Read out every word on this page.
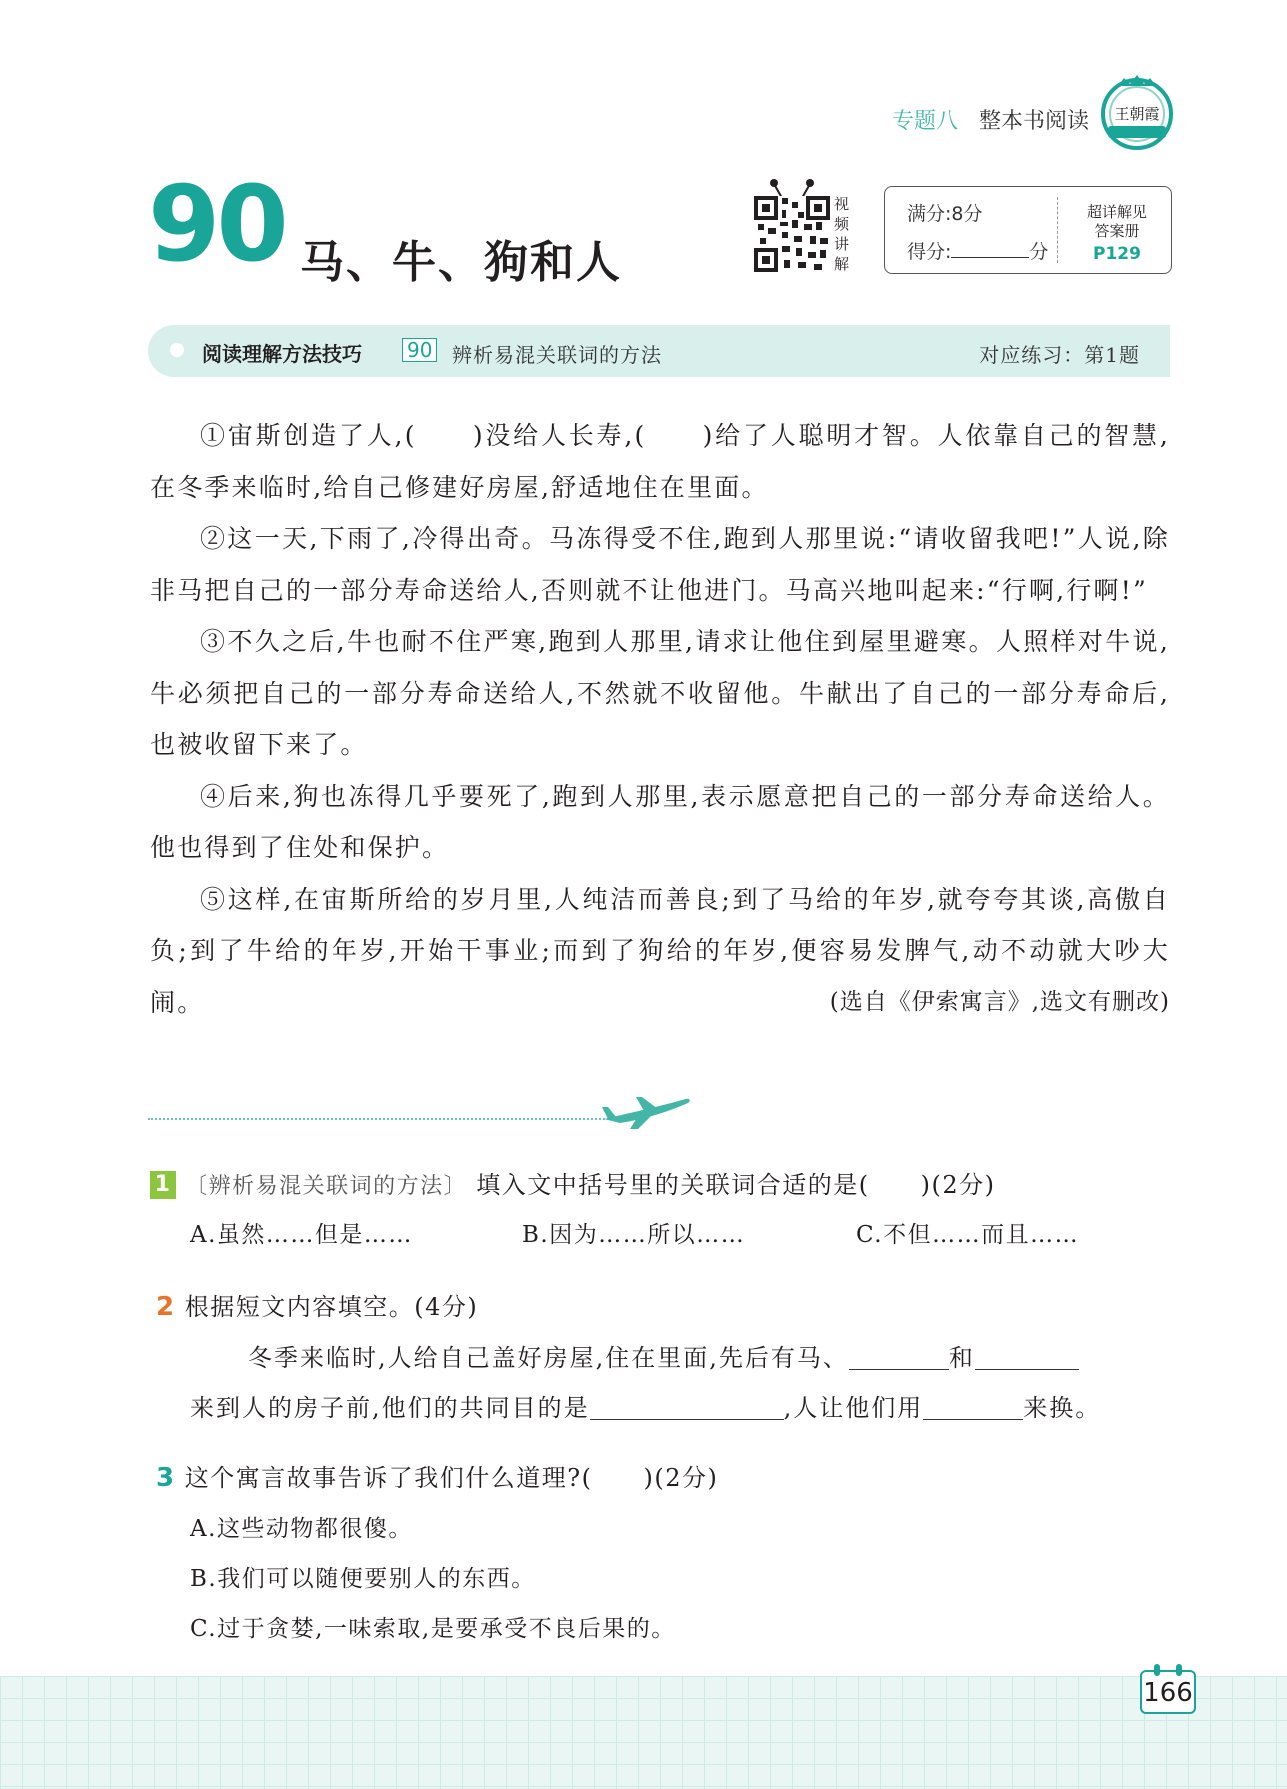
专题八 整本书阅读 王朝霞
90 马、牛、狗和人
视频讲解
满分:8分
得分:	分
超详解见
答案册
P129
阅读理解方法技巧 90 辨析易混关联词的方法	对应练习：第1题

①宙斯创造了人,(　　)没给人长寿,(　　)给了人聪明才智。人依靠自己的智慧,在冬季来临时,给自己修建好房屋,舒适地住在里面。

②这一天,下雨了,冷得出奇。马冻得受不住,跑到人那里说:“请收留我吧!”人说,除非马把自己的一部分寿命送给人,否则就不让他进门。马高兴地叫起来:“行啊,行啊!”

③不久之后,牛也耐不住严寒,跑到人那里,请求让他住到屋里避寒。人照样对牛说,牛必须把自己的一部分寿命送给人,不然就不收留他。牛献出了自己的一部分寿命后,也被收留下来了。

④后来,狗也冻得几乎要死了,跑到人那里,表示愿意把自己的一部分寿命送给人。他也得到了住处和保护。

⑤这样,在宙斯所给的岁月里,人纯洁而善良;到了马给的年岁,就夸夸其谈,高傲自负;到了牛给的年岁,开始干事业;而到了狗给的年岁,便容易发脾气,动不动就大吵大闹。	(选自《伊索寓言》,选文有删改)
1 〔辨析易混关联词的方法〕 填入文中括号里的关联词合适的是(　　)(2分)
A.虽然……但是……	B.因为……所以……	C.不但……而且……
2 根据短文内容填空。(4分)
冬季来临时,人给自己盖好房屋,住在里面,先后有马、	和
来到人的房子前,他们的共同目的是	,人让他们用	来换。
3 这个寓言故事告诉了我们什么道理?(　　)(2分)
A.这些动物都很傻。
B.我们可以随便要别人的东西。
C.过于贪婪,一味索取,是要承受不良后果的。
166
